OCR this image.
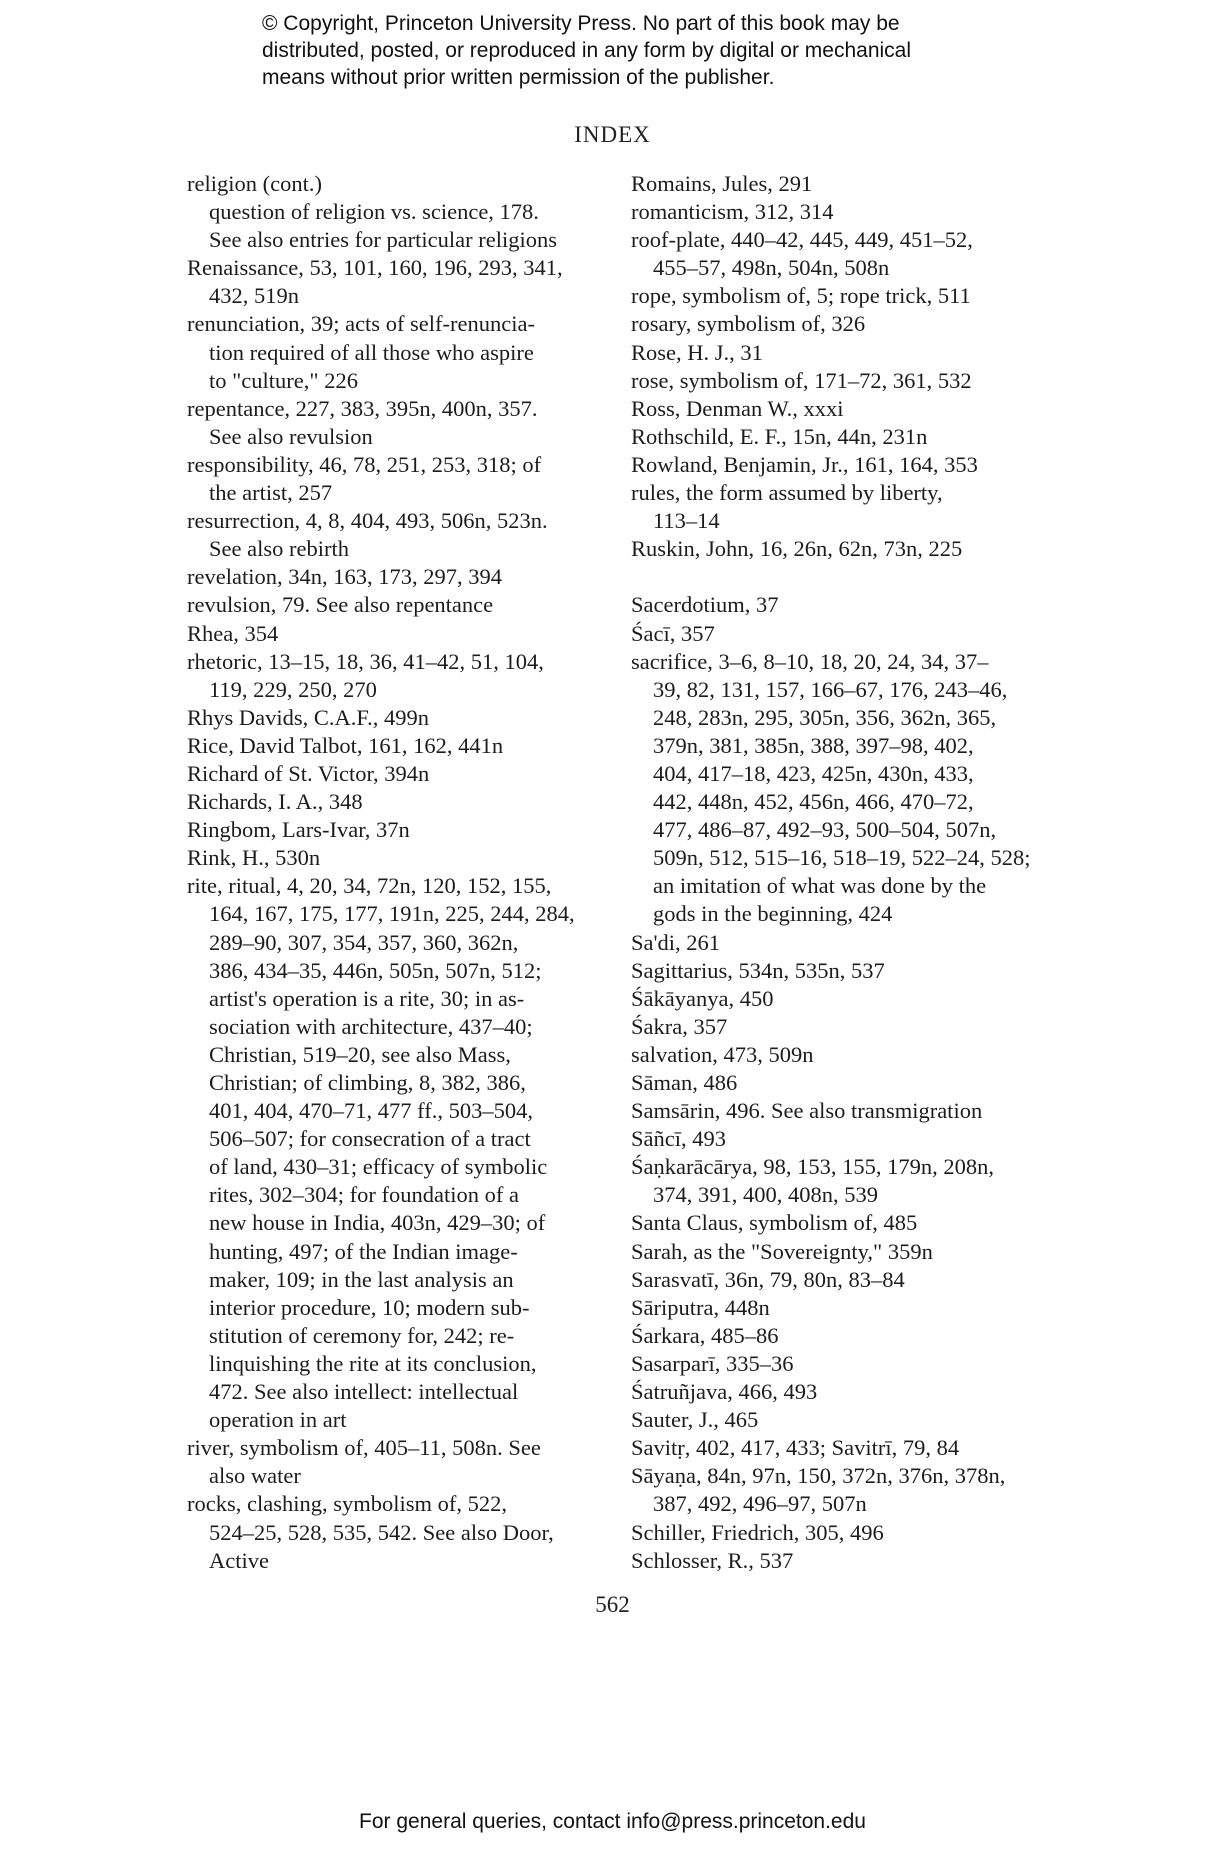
© Copyright, Princeton University Press. No part of this book may be
distributed, posted, or reproduced in any form by digital or mechanical
means without prior written permission of the publisher.
INDEX
religion (cont.)
question of religion vs. science, 178.
See also entries for particular religions
Renaissance, 53, 101, 160, 196, 293, 341,
432, 519n
renunciation, 39; acts of self-renuncia-
tion required of all those who aspire
to "culture," 226
repentance, 227, 383, 395n, 400n, 357.
See also revulsion
responsibility, 46, 78, 251, 253, 318; of
the artist, 257
resurrection, 4, 8, 404, 493, 506n, 523n.
See also rebirth
revelation, 34n, 163, 173, 297, 394
revulsion, 79. See also repentance
Rhea, 354
rhetoric, 13–15, 18, 36, 41–42, 51, 104,
119, 229, 250, 270
Rhys Davids, C.A.F., 499n
Rice, David Talbot, 161, 162, 441n
Richard of St. Victor, 394n
Richards, I. A., 348
Ringbom, Lars-Ivar, 37n
Rink, H., 530n
rite, ritual, 4, 20, 34, 72n, 120, 152, 155,
164, 167, 175, 177, 191n, 225, 244, 284,
289–90, 307, 354, 357, 360, 362n,
386, 434–35, 446n, 505n, 507n, 512;
artist's operation is a rite, 30; in as-
sociation with architecture, 437–40;
Christian, 519–20, see also Mass,
Christian; of climbing, 8, 382, 386,
401, 404, 470–71, 477 ff., 503–504,
506–507; for consecration of a tract
of land, 430–31; efficacy of symbolic
rites, 302–304; for foundation of a
new house in India, 403n, 429–30; of
hunting, 497; of the Indian image-
maker, 109; in the last analysis an
interior procedure, 10; modern sub-
stitution of ceremony for, 242; re-
linquishing the rite at its conclusion,
472. See also intellect: intellectual
operation in art
river, symbolism of, 405–11, 508n. See
also water
rocks, clashing, symbolism of, 522,
524–25, 528, 535, 542. See also Door,
Active
Romains, Jules, 291
romanticism, 312, 314
roof-plate, 440–42, 445, 449, 451–52,
455–57, 498n, 504n, 508n
rope, symbolism of, 5; rope trick, 511
rosary, symbolism of, 326
Rose, H. J., 31
rose, symbolism of, 171–72, 361, 532
Ross, Denman W., xxxi
Rothschild, E. F., 15n, 44n, 231n
Rowland, Benjamin, Jr., 161, 164, 353
rules, the form assumed by liberty,
113–14
Ruskin, John, 16, 26n, 62n, 73n, 225
Sacerdotium, 37
Śacī, 357
sacrifice, 3–6, 8–10, 18, 20, 24, 34, 37–
39, 82, 131, 157, 166–67, 176, 243–46,
248, 283n, 295, 305n, 356, 362n, 365,
379n, 381, 385n, 388, 397–98, 402,
404, 417–18, 423, 425n, 430n, 433,
442, 448n, 452, 456n, 466, 470–72,
477, 486–87, 492–93, 500–504, 507n,
509n, 512, 515–16, 518–19, 522–24, 528;
an imitation of what was done by the
gods in the beginning, 424
Sa'di, 261
Sagittarius, 534n, 535n, 537
Śākāyanya, 450
Śakra, 357
salvation, 473, 509n
Sāman, 486
Samsārin, 496. See also transmigration
Sāñcī, 493
Śaṇkarācārya, 98, 153, 155, 179n, 208n,
374, 391, 400, 408n, 539
Santa Claus, symbolism of, 485
Sarah, as the "Sovereignty," 359n
Sarasvatī, 36n, 79, 80n, 83–84
Sāriputra, 448n
Śarkara, 485–86
Sasarparī, 335–36
Śatruñjava, 466, 493
Sauter, J., 465
Savitṛ, 402, 417, 433; Savitrī, 79, 84
Sāyaṇa, 84n, 97n, 150, 372n, 376n, 378n,
387, 492, 496–97, 507n
Schiller, Friedrich, 305, 496
Schlosser, R., 537
562
For general queries, contact info@press.princeton.edu
